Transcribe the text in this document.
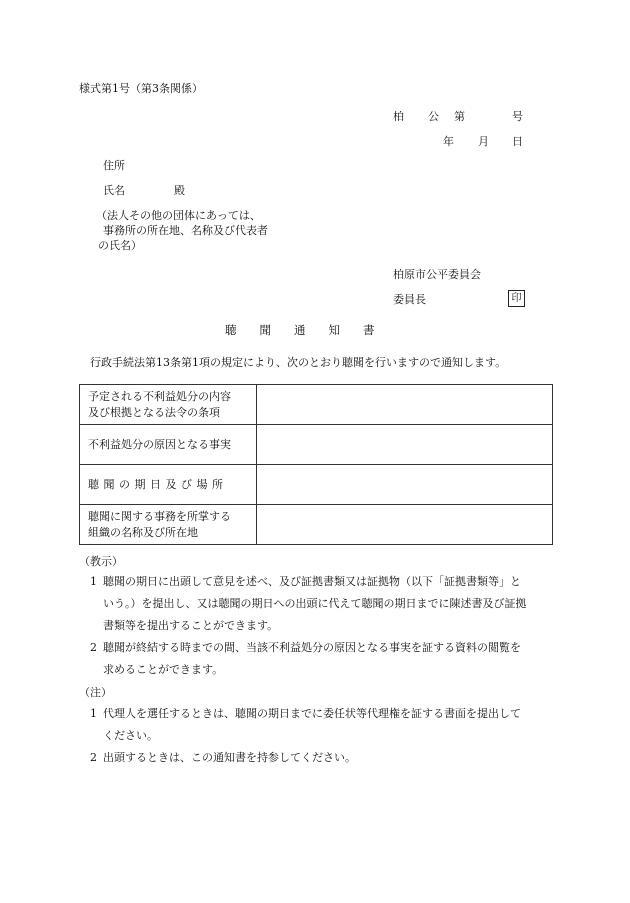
様式第1号（第3条関係）
柏 公 第	号
年 月 日
住所
氏名	殿
（法人その他の団体にあっては、
事務所の所在地、名称及び代表者
の氏名）
柏原市公平委員会
委員長	印
聴　　聞　　通　　知　　書
行政手続法第13条第1項の規定により、次のとおり聴聞を行いますので通知します。
予定される不利益処分の内容
及び根拠となる法令の条項	

不利益処分の原因となる事実	

聴聞の期日及び場所	

聴聞に関する事務を所掌する
組織の名称及び所在地	

（教示）
1 聴聞の期日に出頭して意見を述べ、及び証拠書類又は証拠物（以下「証拠書類等」と
いう。）を提出し、又は聴聞の期日への出頭に代えて聴聞の期日までに陳述書及び証拠
書類等を提出することができます。
2 聴聞が終結する時までの間、当該不利益処分の原因となる事実を証する資料の閲覧を
求めることができます。
（注）
1 代理人を選任するときは、聴聞の期日までに委任状等代理権を証する書面を提出して
ください。
2 出頭するときは、この通知書を持参してください。
